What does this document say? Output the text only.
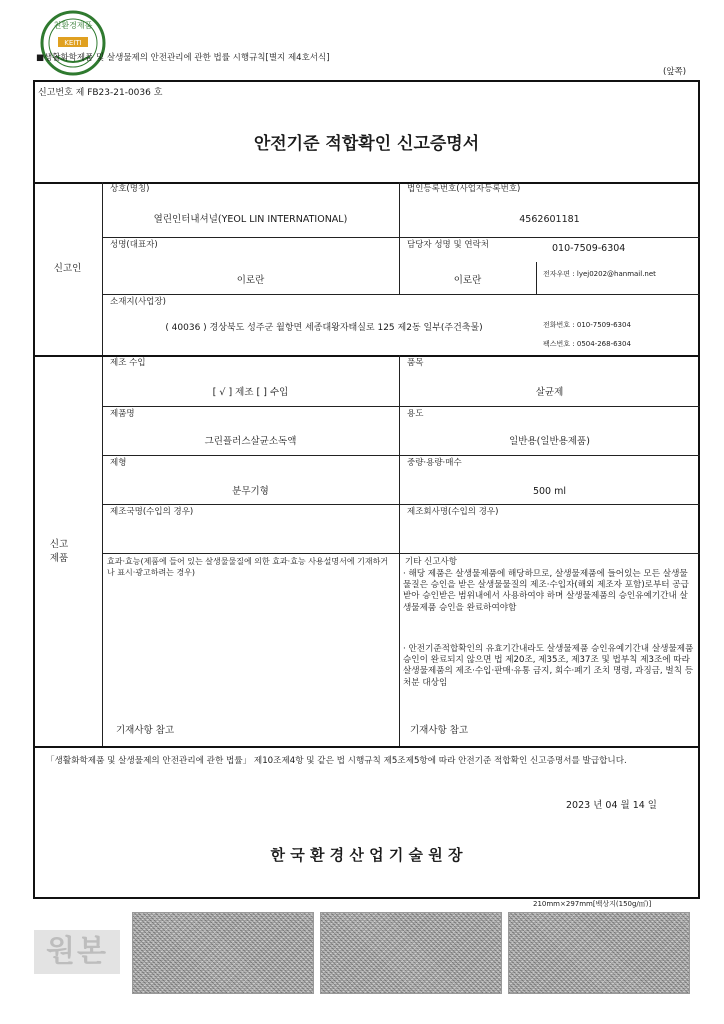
친환경제품
KEITI
■생활화학제품 및 살생물제의 안전관리에 관한 법률 시행규칙[별지 제4호서식]
(앞쪽)
신고번호 제 FB23-21-0036 호
안전기준 적합확인 신고증명서
신고인
상호(명칭)
열린인터내셔널(YEOL LIN INTERNATIONAL)
법인등록번호(사업자등록번호)
4562601181
성명(대표자)
이로란
담당자 성명 및 연락처	010-7509-6304
이로란
전자우편 : lyej0202@hanmail.net
소재지(사업장)
( 40036 ) 경상북도 성주군 월항면 세종대왕자태실로 125 제2동 일부(주건축물)	전화번호 : 010-7509-6304
팩스번호 : 0504-268-6304
신고 제품
제조 수입
[ √ ] 제조 [ ] 수입
품목
살균제
제품명
그린플러스살균소독액
용도
일반용(일반용제품)
제형
분무기형
중량·용량·매수
500 ml
제조국명(수입의 경우)	제조회사명(수입의 경우)
효과·효능(제품에 들어 있는 살생물물질에 의한 효과·효능 사용설명서에 기재하거나 표시·광고하려는 경우)
기타 신고사항
· 해당 제품은 살생물제품에 해당하므로, 살생물제품에 들어있는 모든 살생물물질은 승인을 받은 살생물물질의 제조·수입자(해외 제조자 포함)로부터 공급받아 승인받은 범위내에서 사용하여야 하며 살생물제품의 승인유예기간내 살생물제품 승인을 완료하여야함
· 안전기준적합확인의 유효기간내라도 살생물제품 승인유예기간내 살생물제품 승인이 완료되지 않으면 법 제20조, 제35조, 제37조 및 법부칙 제3조에 따라 살생물제품의 제조·수입·판매·유통 금지, 회수·폐기 조치 명령, 과징금, 벌칙 등 처분 대상임
기재사항 참고	기재사항 참고
「생활화학제품 및 살생물제의 안전관리에 관한 법률」 제10조제4항 및 같은 법 시행규칙 제5조제5항에 따라 안전기준 적합확인 신고증명서를 발급합니다.
2023 년 04 월 14 일
한 국 환 경 산 업 기 술 원 장
210mm×297mm[백상지(150g/㎡)]
원본
